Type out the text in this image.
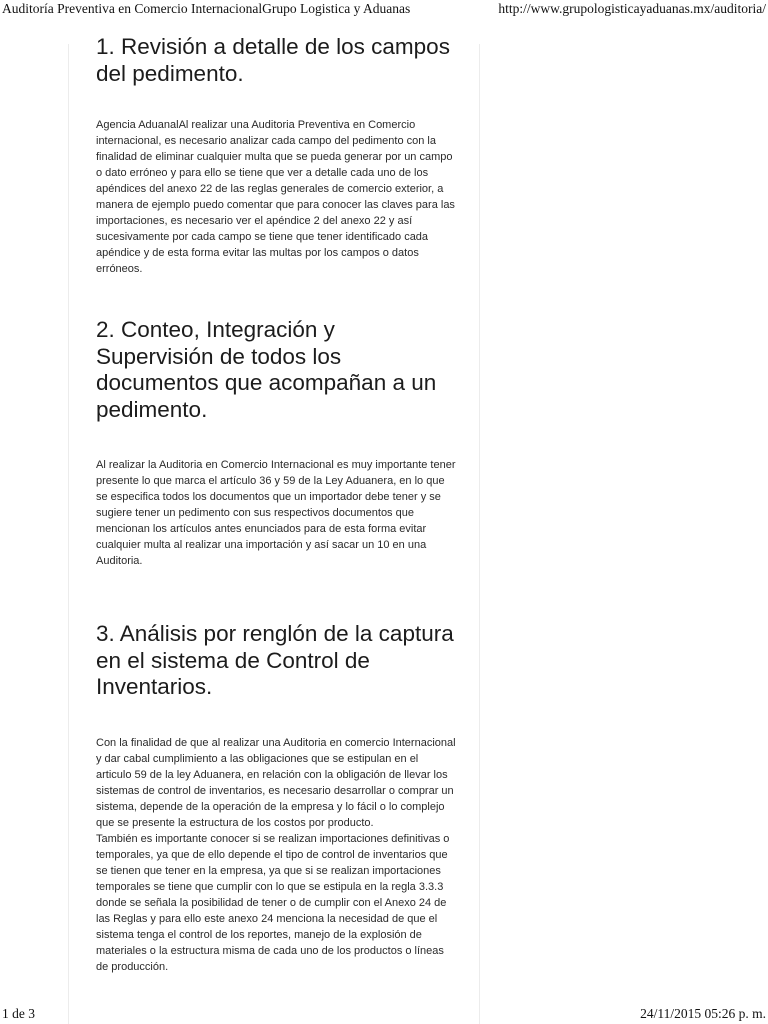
Auditoría Preventiva en Comercio InternacionalGrupo Logistica y Aduanas	http://www.grupologisticayaduanas.mx/auditoria/
1. Revisión a detalle de los campos del pedimento.

Agencia AduanalAl realizar una Auditoria Preventiva en Comercio internacional, es necesario analizar cada campo del pedimento con la finalidad de eliminar cualquier multa que se pueda generar por un campo o dato erróneo y para ello se tiene que ver a detalle cada uno de los apéndices del anexo 22 de las reglas generales de comercio exterior, a manera de ejemplo puedo comentar que para conocer las claves para las importaciones, es necesario ver el apéndice 2 del anexo 22 y así sucesivamente por cada campo se tiene que tener identificado cada apéndice y de esta forma evitar las multas por los campos o datos erróneos.

2. Conteo, Integración y Supervisión de todos los documentos que acompañan a un pedimento.

Al realizar la Auditoria en Comercio Internacional es muy importante tener presente lo que marca el artículo 36 y 59 de la Ley Aduanera, en lo que se especifica todos los documentos que un importador debe tener y se sugiere tener un pedimento con sus respectivos documentos que mencionan los artículos antes enunciados para de esta forma evitar cualquier multa al realizar una importación y así sacar un 10 en una Auditoria.

3. Análisis por renglón de la captura en el sistema de Control de Inventarios.

Con la finalidad de que al realizar una Auditoria en comercio Internacional y dar cabal cumplimiento a las obligaciones que se estipulan en el articulo 59 de la ley Aduanera, en relación con la obligación de llevar los sistemas de control de inventarios, es necesario desarrollar o comprar un sistema, depende de la operación de la empresa y lo fácil o lo complejo que se presente la estructura de los costos por producto.

También es importante conocer si se realizan importaciones definitivas o temporales, ya que de ello depende el tipo de control de inventarios que se tienen que tener en la empresa, ya que si se realizan importaciones temporales se tiene que cumplir con lo que se estipula en la regla 3.3.3 donde se señala la posibilidad de tener o de cumplir con el Anexo 24 de las Reglas y para ello este anexo 24 menciona la necesidad de que el sistema tenga el control de los reportes, manejo de la explosión de materiales o la estructura misma de cada uno de los productos o líneas de producción.

1 de 3	24/11/2015 05:26 p. m.
